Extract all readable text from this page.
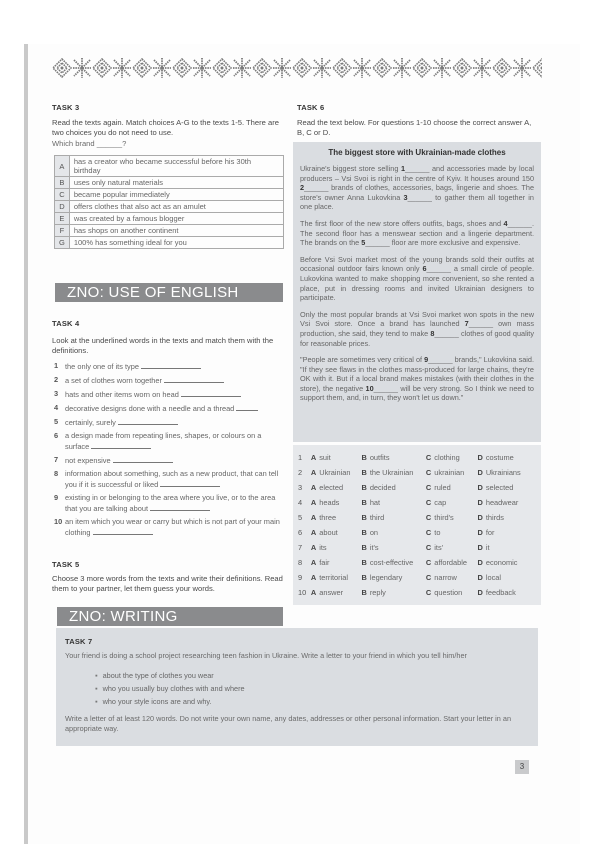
TASK 3
Read the texts again. Match choices A-G to the texts 1-5. There are two choices you do not need to use.
Which brand ______?
A	has a creator who became successful before his 30th birthday
B	uses only natural materials
C	became popular immediately
D	offers clothes that also act as an amulet
E	was created by a famous blogger
F	has shops on another continent
G	100% has something ideal for you
ZNO: USE OF ENGLISH
TASK 4
Look at the underlined words in the texts and match them with the definitions.
1 the only one of its type
2 a set of clothes worn together
3 hats and other items worn on head
4 decorative designs done with a needle and a thread
5 certainly, surely
6 a design made from repeating lines, shapes, or colours on a surface
7 not expensive
8 information about something, such as a new product, that can tell you if it is successful or liked
9 existing in or belonging to the area where you live, or to the area that you are talking about
10 an item which you wear or carry but which is not part of your main clothing
TASK 5
Choose 3 more words from the texts and write their definitions. Read them to your partner, let them guess your words.
ZNO: WRITING
TASK 6
Read the text below. For questions 1-10 choose the correct answer A, B, C or D.
The biggest store with Ukrainian-made clothes

Ukraine's biggest store selling 1______ and accessories made by local producers – Vsi Svoi is right in the centre of Kyiv. It houses around 150 2______ brands of clothes, accessories, bags, lingerie and shoes. The store's owner Anna Lukovkina 3______ to gather them all together in one place.

The first floor of the new store offers outfits, bags, shoes and 4______. The second floor has a menswear section and a lingerie department. The brands on the 5______ floor are more exclusive and expensive.

Before Vsi Svoi market most of the young brands sold their outfits at occasional outdoor fairs known only 6______ a small circle of people. Lukovkina wanted to make shopping more convenient, so she rented a place, put in dressing rooms and invited Ukrainian designers to participate.

Only the most popular brands at Vsi Svoi market won spots in the new Vsi Svoi store. Once a brand has launched 7______ own mass production, she said, they tend to make 8______ clothes of good quality for reasonable prices.

"People are sometimes very critical of 9______ brands," Lukovkina said. "If they see flaws in the clothes mass-produced for large chains, they're OK with it. But if a local brand makes mistakes (with their clothes in the store), the negative 10______ will be very strong. So I think we need to support them, and, in turn, they won't let us down."

1	A suit	B outfits	C clothing	D costume
2	A Ukrainian	B the Ukrainian	C ukrainian	D Ukrainians
3	A elected	B decided	C ruled	D selected
4	A heads	B hat	C cap	D headwear
5	A three	B third	C third's	D thirds
6	A about	B on	C to	D for
7	A its	B it's	C its'	D it
8	A fair	B cost-effective	C affordable	D economic
9	A territorial	B legendary	C narrow	D local
10 A answer	B reply	C question	D feedback
TASK 7
Your friend is doing a school project researching teen fashion in Ukraine. Write a letter to your friend in which you tell him/her
▪ about the type of clothes you wear
▪ who you usually buy clothes with and where
▪ who your style icons are and why.
Write a letter of at least 120 words. Do not write your own name, any dates, addresses or other personal information. Start your letter in an appropriate way.
3
